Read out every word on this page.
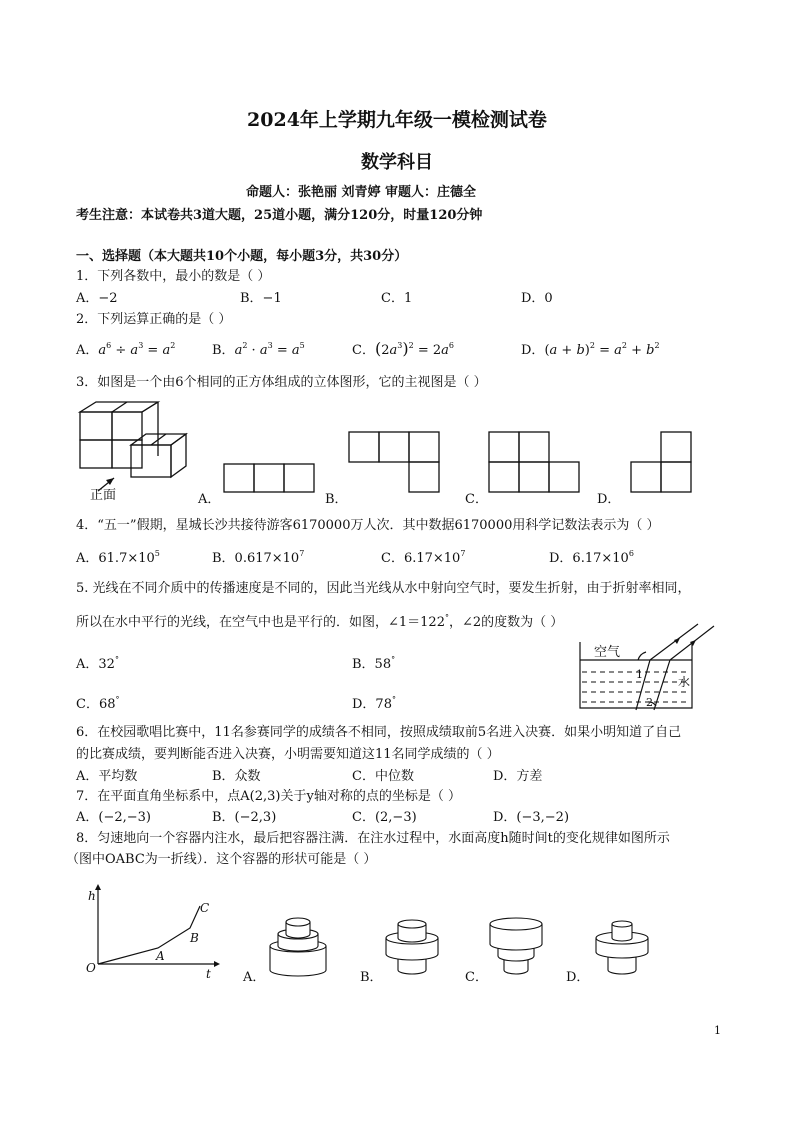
2024年上学期九年级一模检测试卷
数学科目
命题人：张艳丽 刘青婷 审题人：庄德全
考生注意：本试卷共3道大题，25道小题，满分120分，时量120分钟
一、选择题（本大题共10个小题，每小题3分，共30分）
1．下列各数中，最小的数是（ ）
A．−2	B．−1	C．1	D．0
2．下列运算正确的是（ ）
A．$a^6 \div a^3 = a^2$	B．$a^2 \cdot a^3 = a^5$	C．$(2a^3)^2 = 2a^6$	D．$(a + b)^2 = a^2 + b^2$
3．如图是一个由6个相同的正方体组成的立体图形，它的主视图是（ ）
正面	A．	B．	C．	D．
4．“五一”假期，星城长沙共接待游客6170000万人次．其中数据6170000用科学记数法表示为（ ）
A．$61.7\times 10^5$	B．$0.617\times 10^7$	C．$6.17\times 10^7$	D．$6.17\times 10^6$
5. 光线在不同介质中的传播速度是不同的，因此当光线从水中射向空气时，要发生折射，由于折射率相同，
所以在水中平行的光线，在空气中也是平行的．如图，∠1＝122°，∠2的度数为（ ）
A．32°	B．58°
C．68°	D．78°
空气
水
1
2
6．在校园歌唱比赛中，11名参赛同学的成绩各不相同，按照成绩取前5名进入决赛．如果小明知道了自己
的比赛成绩，要判断能否进入决赛，小明需要知道这11名同学成绩的（ ）
A．平均数	B．众数	C．中位数	D．方差
7．在平面直角坐标系中，点A(2,3)关于y轴对称的点的坐标是（ ）
A．(−2,−3)	B．(−2,3)	C．(2,−3)	D．(−3,−2)
8．匀速地向一个容器内注水，最后把容器注满．在注水过程中，水面高度h随时间t的变化规律如图所示
（图中OABC为一折线）．这个容器的形状可能是（ ）
h
t
O
A
B
C
A．	B．	C．	D．
1
